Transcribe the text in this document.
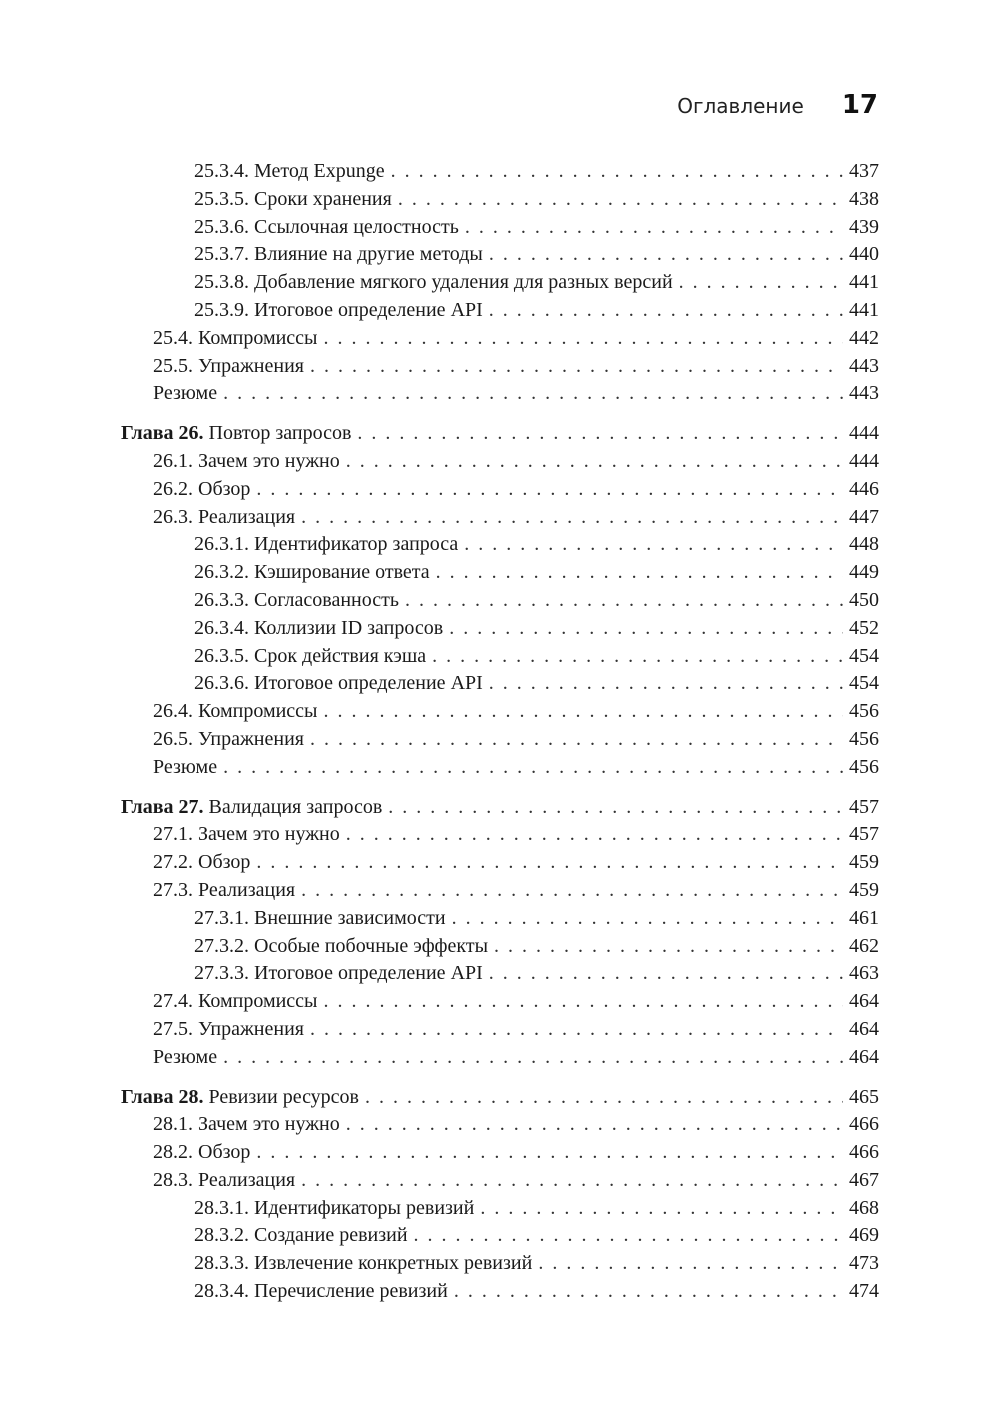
Оглавление 17
25.3.4. Метод Expunge . . .	437
25.3.5. Сроки хранения . . .	438
25.3.6. Ссылочная целостность . . .	439
25.3.7. Влияние на другие методы . . .	440
25.3.8. Добавление мягкого удаления для разных версий . . .	441
25.3.9. Итоговое определение API . . .	441
25.4. Компромиссы . . .	442
25.5. Упражнения . . .	443
Резюме . . .	443
Глава 26. Повтор запросов . . .	444
26.1. Зачем это нужно . . .	444
26.2. Обзор . . .	446
26.3. Реализация . . .	447
26.3.1. Идентификатор запроса . . .	448
26.3.2. Кэширование ответа . . .	449
26.3.3. Согласованность . . .	450
26.3.4. Коллизии ID запросов . . .	452
26.3.5. Срок действия кэша . . .	454
26.3.6. Итоговое определение API . . .	454
26.4. Компромиссы . . .	456
26.5. Упражнения . . .	456
Резюме . . .	456
Глава 27. Валидация запросов . . .	457
27.1. Зачем это нужно . . .	457
27.2. Обзор . . .	459
27.3. Реализация . . .	459
27.3.1. Внешние зависимости . . .	461
27.3.2. Особые побочные эффекты . . .	462
27.3.3. Итоговое определение API . . .	463
27.4. Компромиссы . . .	464
27.5. Упражнения . . .	464
Резюме . . .	464
Глава 28. Ревизии ресурсов . . .	465
28.1. Зачем это нужно . . .	466
28.2. Обзор . . .	466
28.3. Реализация . . .	467
28.3.1. Идентификаторы ревизий . . .	468
28.3.2. Создание ревизий . . .	469
28.3.3. Извлечение конкретных ревизий . . .	473
28.3.4. Перечисление ревизий . . .	474
